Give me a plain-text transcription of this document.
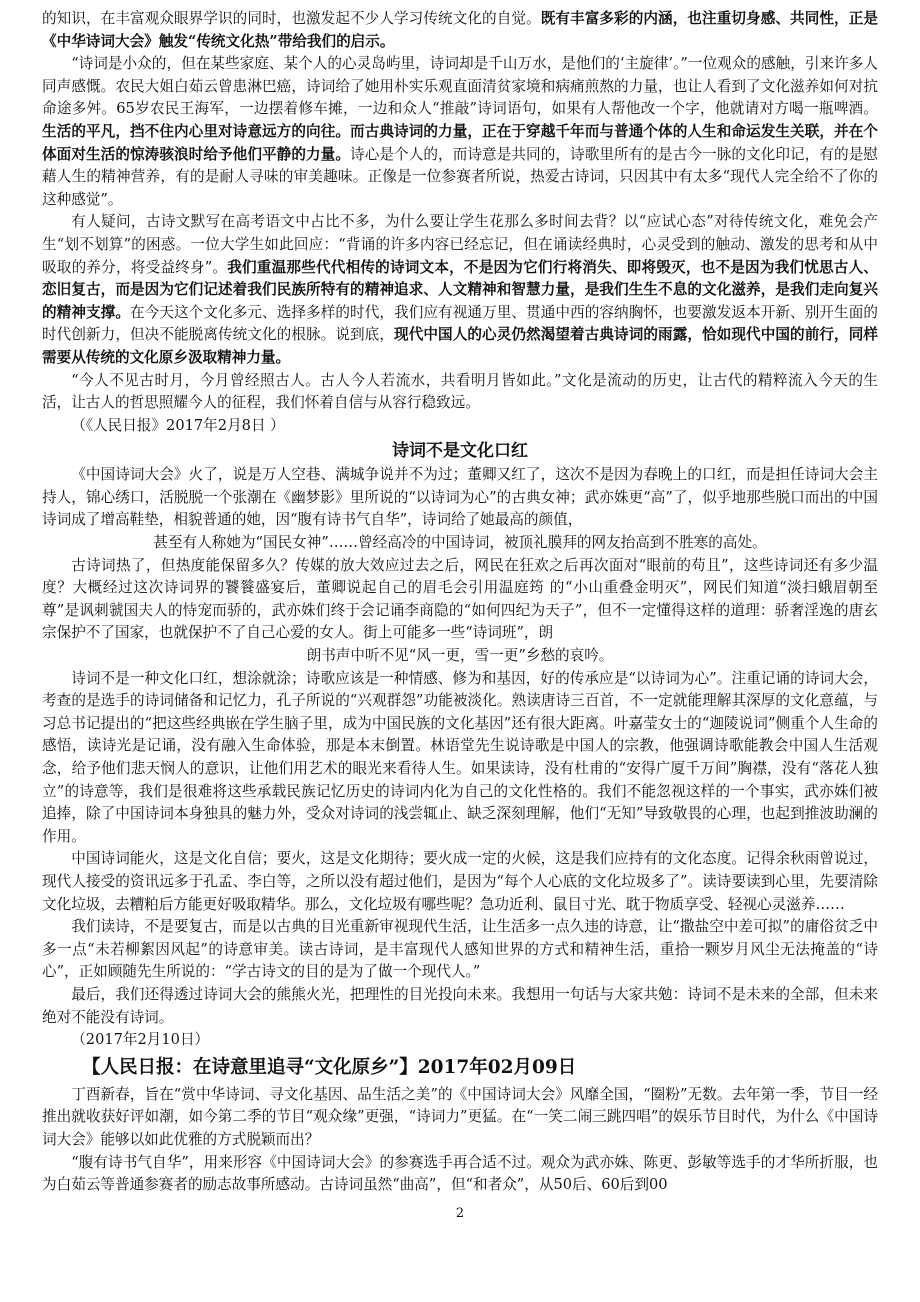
的知识，在丰富观众眼界学识的同时，也激发起不少人学习传统文化的自觉。既有丰富多彩的内涵，也注重切身感、共同性，正是《中华诗词大会》触发“传统文化热”带给我们的启示。

“诗词是小众的，但在某些家庭、某个人的心灵岛屿里，诗词却是千山万水，是他们的‘主旋律’。”一位观众的感触，引来许多人同声感慨。农民大姐白茹云曾患淋巴癌，诗词给了她用朴实乐观直面清贫家境和病痛煎熬的力量，也让人看到了文化滋养如何对抗命途多舛。65岁农民王海军，一边摆着修车摊，一边和众人“推敲”诗词语句，如果有人帮他改一个字，他就请对方喝一瓶啤酒。生活的平凡，挡不住内心里对诗意远方的向往。而古典诗词的力量，正在于穿越千年而与普通个体的人生和命运发生关联，并在个体面对生活的惊涛骇浪时给予他们平静的力量。诗心是个人的，而诗意是共同的，诗歌里所有的是古今一脉的文化印记，有的是慰藉人生的精神营养，有的是耐人寻味的审美趣味。正像是一位参赛者所说，热爱古诗词，只因其中有太多“现代人完全给不了你的这种感觉”。

有人疑问，古诗文默写在高考语文中占比不多，为什么要让学生花那么多时间去背？以“应试心态”对待传统文化，难免会产生“划不划算”的困惑。一位大学生如此回应：“背诵的许多内容已经忘记，但在诵读经典时，心灵受到的触动、激发的思考和从中吸取的养分，将受益终身”。我们重温那些代代相传的诗词文本，不是因为它们行将消失、即将毁灭，也不是因为我们忧思古人、恋旧复古，而是因为它们记述着我们民族所特有的精神追求、人文精神和智慧力量，是我们生生不息的文化滋养，是我们走向复兴的精神支撑。在今天这个文化多元、选择多样的时代，我们应有视通万里、贯通中西的容纳胸怀，也要激发返本开新、别开生面的时代创新力，但决不能脱离传统文化的根脉。说到底，现代中国人的心灵仍然渴望着古典诗词的雨露，恰如现代中国的前行，同样需要从传统的文化原乡汲取精神力量。

“今人不见古时月，今月曾经照古人。古人今人若流水，共看明月皆如此。”文化是流动的历史，让古代的精粹流入今天的生活，让古人的哲思照耀今人的征程，我们怀着自信与从容行稳致远。

（《人民日报》2017年2月8日 ）

诗词不是文化口红

《中国诗词大会》火了，说是万人空巷、满城争说并不为过；董卿又红了，这次不是因为春晚上的口红，而是担任诗词大会主持人，锦心绣口，活脱脱一个张潮在《幽梦影》里所说的“以诗词为心”的古典女神；武亦姝更“高”了，似乎地那些脱口而出的中国诗词成了增高鞋垫，相貌普通的她，因“腹有诗书气自华”，诗词给了她最高的颜值，

甚至有人称她为“国民女神”……曾经高冷的中国诗词，被顶礼膜拜的网友抬高到不胜寒的高处。

古诗词热了，但热度能保留多久？传媒的放大效应过去之后，网民在狂欢之后再次面对“眼前的苟且”，这些诗词还有多少温度？大概经过这次诗词界的饕餮盛宴后，董卿说起自己的眉毛会引用温庭筠 的“小山重叠金明灭”，网民们知道“淡扫蛾眉朝至尊”是讽刺虢国夫人的恃宠而骄的，武亦姝们终于会记诵李商隐的“如何四纪为天子”，但不一定懂得这样的道理：骄奢淫逸的唐玄宗保护不了国家，也就保护不了自己心爱的女人。街上可能多一些“诗词班”，朗

朗书声中听不见“风一更，雪一更”乡愁的哀吟。

诗词不是一种文化口红，想涂就涂；诗歌应该是一种情感、修为和基因，好的传承应是“以诗词为心”。注重记诵的诗词大会，考查的是选手的诗词储备和记忆力，孔子所说的“兴观群怨”功能被淡化。熟读唐诗三百首，不一定就能理解其深厚的文化意蕴，与习总书记提出的“把这些经典嵌在学生脑子里，成为中国民族的文化基因”还有很大距离。叶嘉莹女士的“迦陵说词”侧重个人生命的感悟，读诗光是记诵，没有融入生命体验，那是本末倒置。林语堂先生说诗歌是中国人的宗教，他强调诗歌能教会中国人生活观念，给予他们悲天悯人的意识，让他们用艺术的眼光来看待人生。如果读诗，没有杜甫的“安得广厦千万间”胸襟，没有“落花人独立”的诗意等，我们是很难将这些承载民族记忆历史的诗词内化为自己的文化性格的。我们不能忽视这样的一个事实，武亦姝们被追捧，除了中国诗词本身独具的魅力外，受众对诗词的浅尝辄止、缺乏深刻理解，他们“无知”导致敬畏的心理，也起到推波助澜的作用。

中国诗词能火，这是文化自信；要火，这是文化期待；要火成一定的火候，这是我们应持有的文化态度。记得余秋雨曾说过，现代人接受的资讯远多于孔孟、李白等，之所以没有超过他们，是因为“每个人心底的文化垃圾多了”。读诗要读到心里，先要清除文化垃圾，去糟粕后方能更好吸取精华。那么，文化垃圾有哪些呢？急功近利、鼠目寸光、耽于物质享受、轻视心灵滋养……

我们读诗，不是要复古，而是以古典的目光重新审视现代生活，让生活多一点久违的诗意，让“撒盐空中差可拟”的庸俗贫乏中多一点“未若柳絮因风起”的诗意审美。读古诗词，是丰富现代人感知世界的方式和精神生活，重拾一颗岁月风尘无法掩盖的“诗心”，正如顾随先生所说的：“学古诗文的目的是为了做一个现代人。”

最后，我们还得透过诗词大会的熊熊火光，把理性的目光投向未来。我想用一句话与大家共勉：诗词不是未来的全部，但未来绝对不能没有诗词。

（2017年2月10日）

【人民日报：在诗意里追寻“文化原乡”】2017年02月09日

丁酉新春，旨在“赏中华诗词、寻文化基因、品生活之美”的《中国诗词大会》风靡全国，“圈粉”无数。去年第一季，节目一经推出就收获好评如潮，如今第二季的节目“观众缘”更强，“诗词力”更猛。在“一笑二闹三跳四唱”的娱乐节目时代，为什么《中国诗词大会》能够以如此优雅的方式脱颖而出？

“腹有诗书气自华”，用来形容《中国诗词大会》的参赛选手再合适不过。观众为武亦姝、陈更、彭敏等选手的才华所折服，也为白茹云等普通参赛者的励志故事所感动。古诗词虽然“曲高”，但“和者众”，从50后、60后到00

2
